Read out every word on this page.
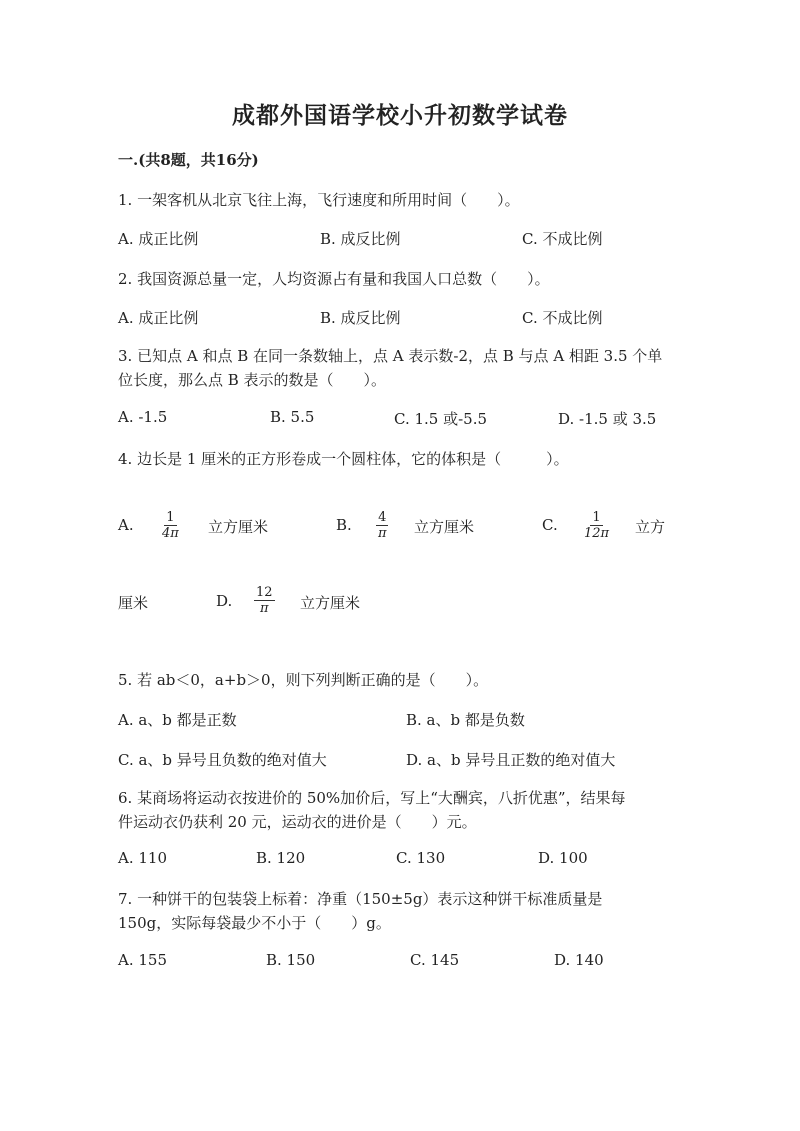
成都外国语学校小升初数学试卷
一.(共8题，共16分)
1. 一架客机从北京飞往上海，飞行速度和所用时间（　　）。
A. 成正比例	B. 成反比例	C. 不成比例
2. 我国资源总量一定，人均资源占有量和我国人口总数（　　）。
A. 成正比例	B. 成反比例	C. 不成比例
3. 已知点 A 和点 B 在同一条数轴上，点 A 表示数-2，点 B 与点 A 相距 3.5 个单
位长度，那么点 B 表示的数是（　　）。
A. -1.5	B. 5.5	C. 1.5 或-5.5	D. -1.5 或 3.5
4. 边长是 1 厘米的正方形卷成一个圆柱体，它的体积是（　　　）。
A. $\frac{1}{4\pi}$ 立方厘米	B. $\frac{4}{\pi}$ 立方厘米	C. $\frac{1}{12\pi}$ 立方
厘米	D. $\frac{12}{\pi}$ 立方厘米
5. 若 ab＜0，a+b＞0，则下列判断正确的是（　　）。
A. a、b 都是正数	B. a、b 都是负数
C. a、b 异号且负数的绝对值大	D. a、b 异号且正数的绝对值大
6. 某商场将运动衣按进价的 50%加价后，写上“大酬宾，八折优惠”，结果每
件运动衣仍获利 20 元，运动衣的进价是（　　）元。
A. 110	B. 120	C. 130	D. 100
7. 一种饼干的包装袋上标着：净重（150±5g）表示这种饼干标准质量是
150g，实际每袋最少不小于（　　）g。
A. 155	B. 150	C. 145	D. 140
